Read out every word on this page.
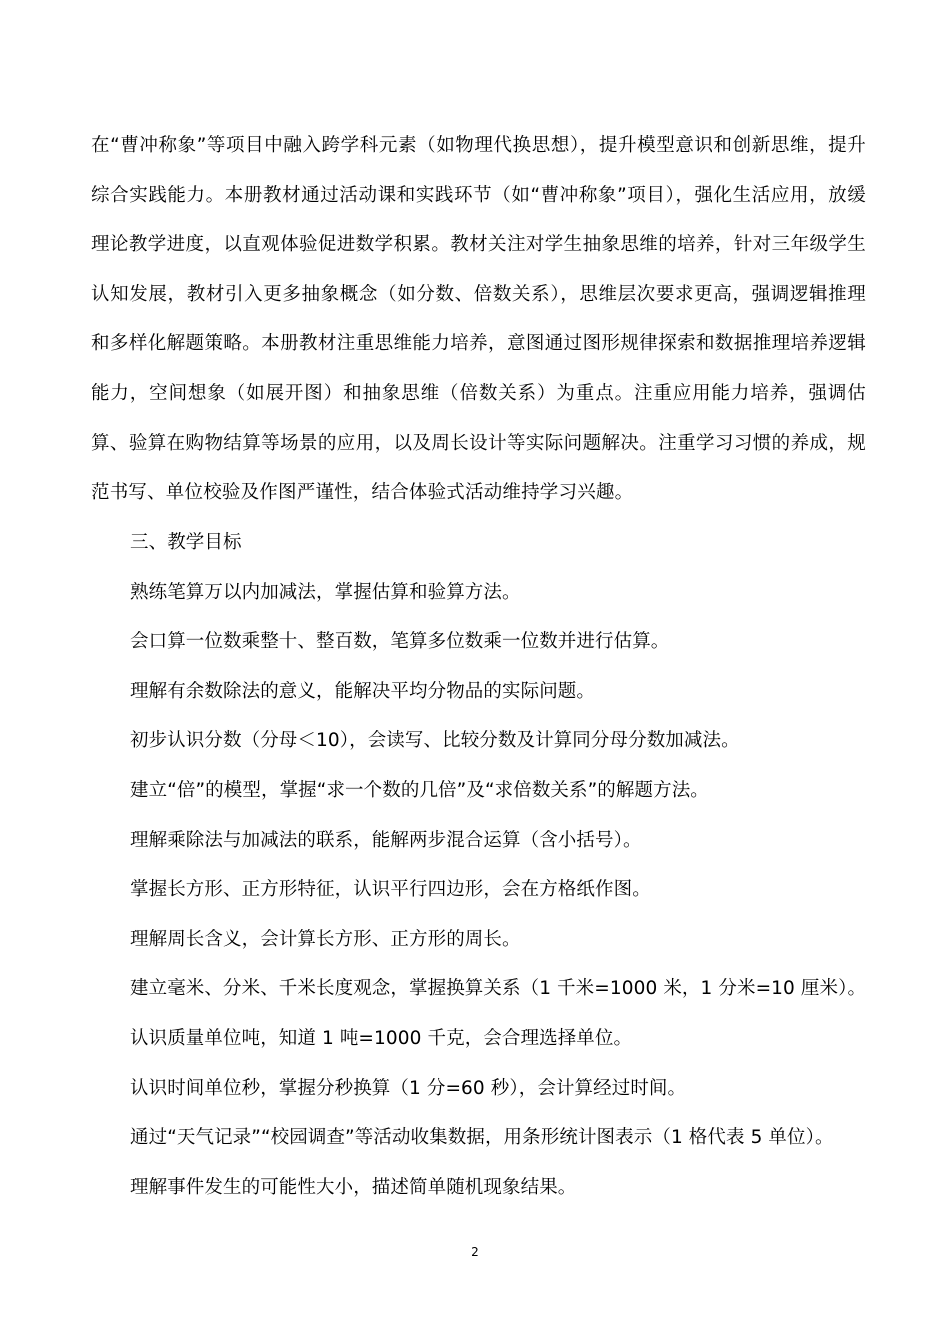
在“曹冲称象”等项目中融入跨学科元素（如物理代换思想），提升模型意识和创新思维，提升综合实践能力。本册教材通过活动课和实践环节（如“曹冲称象”项目），强化生活应用，放缓理论教学进度，以直观体验促进数学积累。教材关注对学生抽象思维的培养，针对三年级学生认知发展，教材引入更多抽象概念（如分数、倍数关系），思维层次要求更高，强调逻辑推理和多样化解题策略。本册教材注重思维能力培养，意图通过图形规律探索和数据推理培养逻辑能力，空间想象（如展开图）和抽象思维（倍数关系）为重点。注重应用能力培养，强调估算、验算在购物结算等场景的应用，以及周长设计等实际问题解决。注重学习习惯的养成，规范书写、单位校验及作图严谨性，结合体验式活动维持学习兴趣。

三、教学目标
熟练笔算万以内加减法，掌握估算和验算方法。
会口算一位数乘整十、整百数，笔算多位数乘一位数并进行估算。
理解有余数除法的意义，能解决平均分物品的实际问题。
初步认识分数（分母＜10），会读写、比较分数及计算同分母分数加减法。
建立“倍”的模型，掌握“求一个数的几倍”及“求倍数关系”的解题方法。
理解乘除法与加减法的联系，能解两步混合运算（含小括号）。
掌握长方形、正方形特征，认识平行四边形，会在方格纸作图。
理解周长含义，会计算长方形、正方形的周长。
建立毫米、分米、千米长度观念，掌握换算关系（1 千米=1000 米，1 分米=10 厘米）。
认识质量单位吨，知道 1 吨=1000 千克，会合理选择单位。
认识时间单位秒，掌握分秒换算（1 分=60 秒），会计算经过时间。
通过“天气记录”“校园调查”等活动收集数据，用条形统计图表示（1 格代表 5 单位）。
理解事件发生的可能性大小，描述简单随机现象结果。
2
